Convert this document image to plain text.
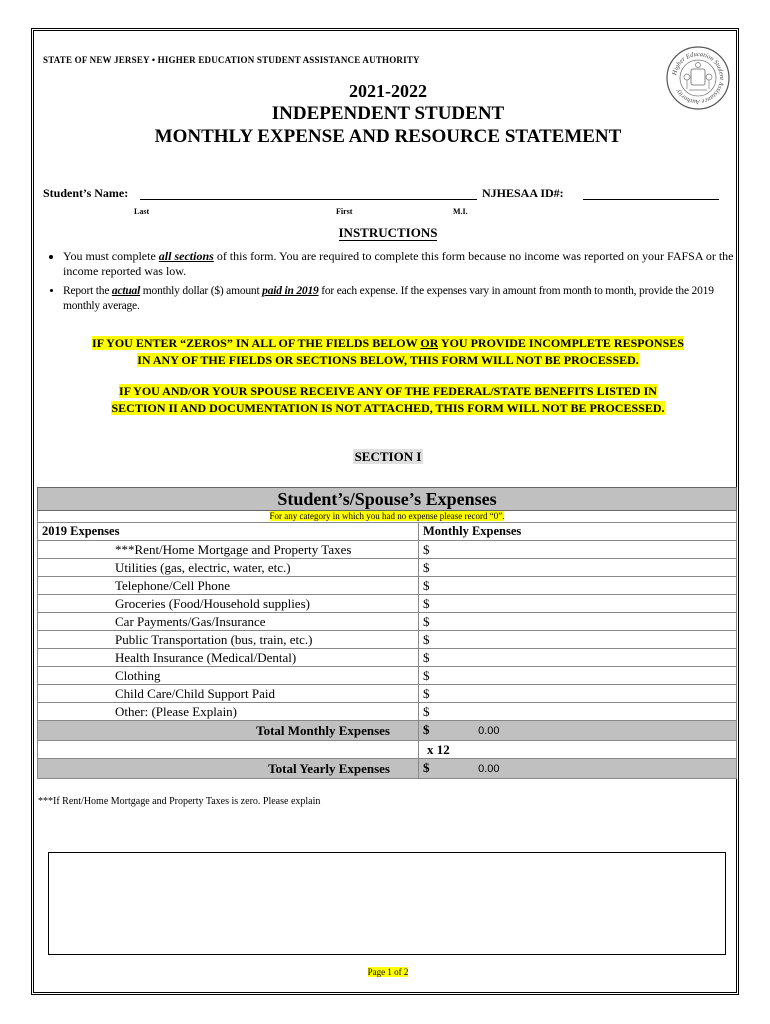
STATE OF NEW JERSEY • HIGHER EDUCATION STUDENT ASSISTANCE AUTHORITY
Higher Education Student Assistance Authority
2021-2022
INDEPENDENT STUDENT
MONTHLY EXPENSE AND RESOURCE STATEMENT
Student’s Name:	NJHESAA ID#:
Last	First	M.I.
INSTRUCTIONS
• You must complete all sections of this form. You are required to complete this form because no income was reported on your FAFSA or the income reported was low.
• Report the actual monthly dollar ($) amount paid in 2019 for each expense. If the expenses vary in amount from month to month, provide the 2019 monthly average.
IF YOU ENTER “ZEROS” IN ALL OF THE FIELDS BELOW OR YOU PROVIDE INCOMPLETE RESPONSES
IN ANY OF THE FIELDS OR SECTIONS BELOW, THIS FORM WILL NOT BE PROCESSED.
IF YOU AND/OR YOUR SPOUSE RECEIVE ANY OF THE FEDERAL/STATE BENEFITS LISTED IN
SECTION II AND DOCUMENTATION IS NOT ATTACHED, THIS FORM WILL NOT BE PROCESSED.
SECTION I
Student’s/Spouse’s Expenses	
For any category in which you had no expense please record “0”.	
2019 Expenses	Monthly Expenses
***Rent/Home Mortgage and Property Taxes	$
Utilities (gas, electric, water, etc.)	$
Telephone/Cell Phone	$
Groceries (Food/Household supplies)	$
Car Payments/Gas/Insurance	$
Public Transportation (bus, train, etc.)	$
Health Insurance (Medical/Dental)	$
Clothing	$
Child Care/Child Support Paid	$
Other: (Please Explain)	$
Total Monthly Expenses	$ 0.00
	x 12
Total Yearly Expenses	$ 0.00
***If Rent/Home Mortgage and Property Taxes is zero. Please explain
Page 1 of 2
